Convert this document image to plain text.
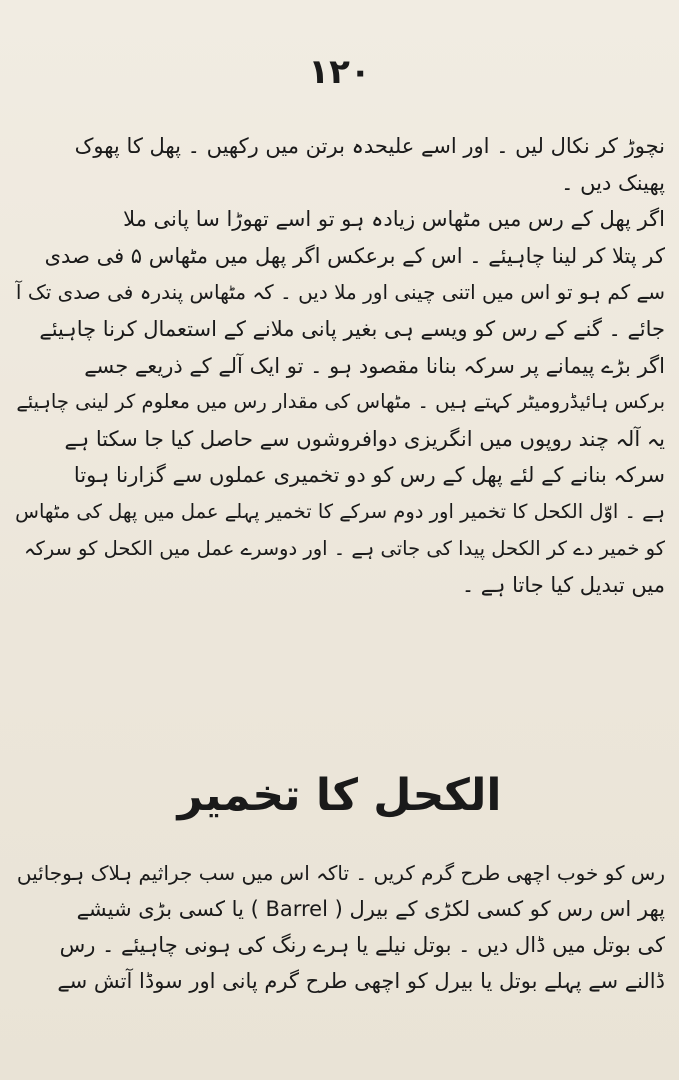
۱۲۰
نچوڑ کر نکال لیں ۔ اور اسے علیحدہ برتن میں رکھیں ۔ پھل کا پھوک
پھینک دیں ۔
اگر پھل کے رس میں مٹھاس زیادہ ہو تو اسے تھوڑا سا پانی ملا
کر پتلا کر لینا چاہیئے ۔ اس کے برعکس اگر پھل میں مٹھاس ۵ فی صدی
سے کم ہو تو اس میں اتنی چینی اور ملا دیں ۔ کہ مٹھاس پندرہ فی صدی تک آ
جائے ۔ گنے کے رس کو ویسے ہی بغیر پانی ملانے کے استعمال کرنا چاہیئے
اگر بڑے پیمانے پر سرکہ بنانا مقصود ہو ۔ تو ایک آلے کے ذریعے جسے
برکس ہائیڈرومیٹر کہتے ہیں ۔ مٹھاس کی مقدار رس میں معلوم کر لینی چاہیئے
یہ آلہ چند روپوں میں انگریزی دوافروشوں سے حاصل کیا جا سکتا ہے
سرکہ بنانے کے لئے پھل کے رس کو دو تخمیری عملوں سے گزارنا ہوتا
ہے ۔ اوّل الکحل کا تخمیر اور دوم سرکے کا تخمیر پہلے عمل میں پھل کی مٹھاس
کو خمیر دے کر الکحل پیدا کی جاتی ہے ۔ اور دوسرے عمل میں الکحل کو سرکہ
میں تبدیل کیا جاتا ہے ۔
الکحل کا تخمیر
رس کو خوب اچھی طرح گرم کریں ۔ تاکہ اس میں سب جراثیم ہلاک ہوجائیں
پھر اس رس کو کسی لکڑی کے بیرل ( Barrel ) یا کسی بڑی شیشے
کی بوتل میں ڈال دیں ۔ بوتل نیلے یا ہرے رنگ کی ہونی چاہیئے ۔ رس
ڈالنے سے پہلے بوتل یا بیرل کو اچھی طرح گرم پانی اور سوڈا آتش سے
